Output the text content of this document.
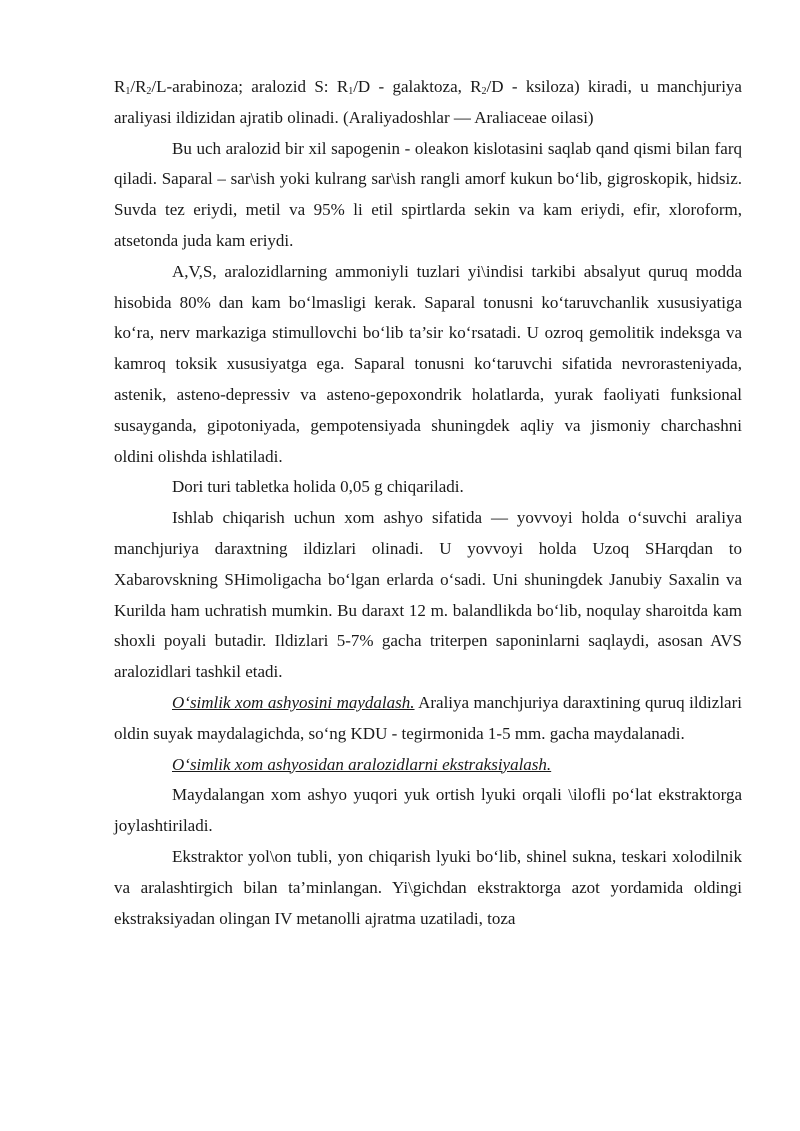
$R_1/R_2/L$-arabinoza; aralozid S: $R_1/D$ - galaktoza, $R_2/D$ - ksiloza) kiradi, u manchjuriya araliyasi ildizidan ajratib olinadi. (Araliyadoshlar — Araliaceae oilasi)

Bu uch aralozid bir xil sapogenin - oleakon kislotasini saqlab qand qismi bilan farq qiladi. Saparal – sar\ish yoki kulrang sar\ish rangli amorf kukun bo‘lib, gigroskopik, hidsiz. Suvda tez eriydi, metil va 95% li etil spirtlarda sekin va kam eriydi, efir, xloroform, atsetonda juda kam eriydi.

A,V,S, aralozidlarning ammoniyli tuzlari yi\indisi tarkibi absalyut quruq modda hisobida 80% dan kam bo‘lmasligi kerak. Saparal tonusni ko‘taruvchanlik xususiyatiga ko‘ra, nerv markaziga stimullovchi bo‘lib ta’sir ko‘rsatadi. U ozroq gemolitik indeksga va kamroq toksik xususiyatga ega. Saparal tonusni ko‘taruvchi sifatida nevrorasteniyada, astenik, asteno-depressiv va asteno-gepoxondrik holatlarda, yurak faoliyati funksional susayganda, gipotoniyada, gempotensiyada shuningdek aqliy va jismoniy charchashni oldini olishda ishlatiladi.

Dori turi tabletka holida 0,05 g chiqariladi.

Ishlab chiqarish uchun xom ashyo sifatida — yovvoyi holda o‘suvchi araliya manchjuriya daraxtning ildizlari olinadi. U yovvoyi holda Uzoq SHarqdan to Xabarovskning SHimoligacha bo‘lgan erlarda o‘sadi. Uni shuningdek Janubiy Saxalin va Kurilda ham uchratish mumkin. Bu daraxt 12 m. balandlikda bo‘lib, noqulay sharoitda kam shoxli poyali butadir. Ildizlari 5-7% gacha triterpen saponinlarni saqlaydi, asosan AVS aralozidlari tashkil etadi.

O‘simlik xom ashyosini maydalash. Araliya manchjuriya daraxtining quruq ildizlari oldin suyak maydalagichda, so‘ng KDU - tegirmonida 1-5 mm. gacha maydalanadi.

O‘simlik xom ashyosidan aralozidlarni ekstraksiyalash.

Maydalangan xom ashyo yuqori yuk ortish lyuki orqali \ilofli po‘lat ekstraktorga joylashtiriladi.

Ekstraktor yol\on tubli, yon chiqarish lyuki bo‘lib, shinel sukna, teskari xolodilnik va aralashtirgich bilan ta’minlangan. Yi\gichdan ekstraktorga azot yordamida oldingi ekstraksiyadan olingan IV metanolli ajratma uzatiladi, toza
